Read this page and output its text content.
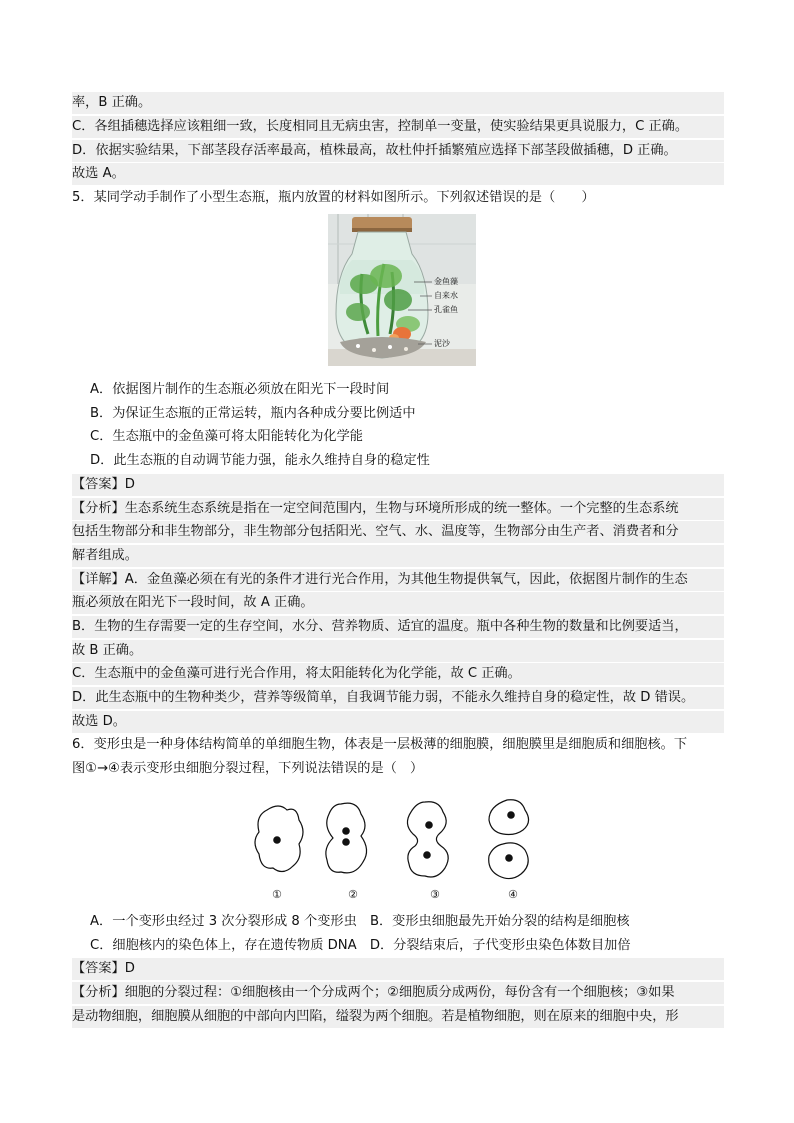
率，B 正确。
C．各组插穗选择应该粗细一致，长度相同且无病虫害，控制单一变量，使实验结果更具说服力，C 正确。
D．依据实验结果，下部茎段存活率最高，植株最高，故杜仲扦插繁殖应选择下部茎段做插穗，D 正确。
故选 A。
5．某同学动手制作了小型生态瓶，瓶内放置的材料如图所示。下列叙述错误的是（　　）
金鱼藻
自来水
孔雀鱼
泥沙
A．依据图片制作的生态瓶必须放在阳光下一段时间
B．为保证生态瓶的正常运转，瓶内各种成分要比例适中
C．生态瓶中的金鱼藻可将太阳能转化为化学能
D．此生态瓶的自动调节能力强，能永久维持自身的稳定性
【答案】D
【分析】生态系统生态系统是指在一定空间范围内，生物与环境所形成的统一整体。一个完整的生态系统
包括生物部分和非生物部分，非生物部分包括阳光、空气、水、温度等，生物部分由生产者、消费者和分
解者组成。
【详解】A．金鱼藻必须在有光的条件才进行光合作用，为其他生物提供氧气，因此，依据图片制作的生态
瓶必须放在阳光下一段时间，故 A 正确。
B．生物的生存需要一定的生存空间，水分、营养物质、适宜的温度。瓶中各种生物的数量和比例要适当，
故 B 正确。
C．生态瓶中的金鱼藻可进行光合作用，将太阳能转化为化学能，故 C 正确。
D．此生态瓶中的生物种类少，营养等级简单，自我调节能力弱，不能永久维持自身的稳定性，故 D 错误。
故选 D。
6．变形虫是一种身体结构简单的单细胞生物，体表是一层极薄的细胞膜，细胞膜里是细胞质和细胞核。下
图①→④表示变形虫细胞分裂过程，下列说法错误的是（　）
①	②	③	④
A．一个变形虫经过 3 次分裂形成 8 个变形虫　B．变形虫细胞最先开始分裂的结构是细胞核
C．细胞核内的染色体上，存在遗传物质 DNA　D．分裂结束后，子代变形虫染色体数目加倍
【答案】D
【分析】细胞的分裂过程：①细胞核由一个分成两个；②细胞质分成两份，每份含有一个细胞核；③如果
是动物细胞，细胞膜从细胞的中部向内凹陷，缢裂为两个细胞。若是植物细胞，则在原来的细胞中央，形
